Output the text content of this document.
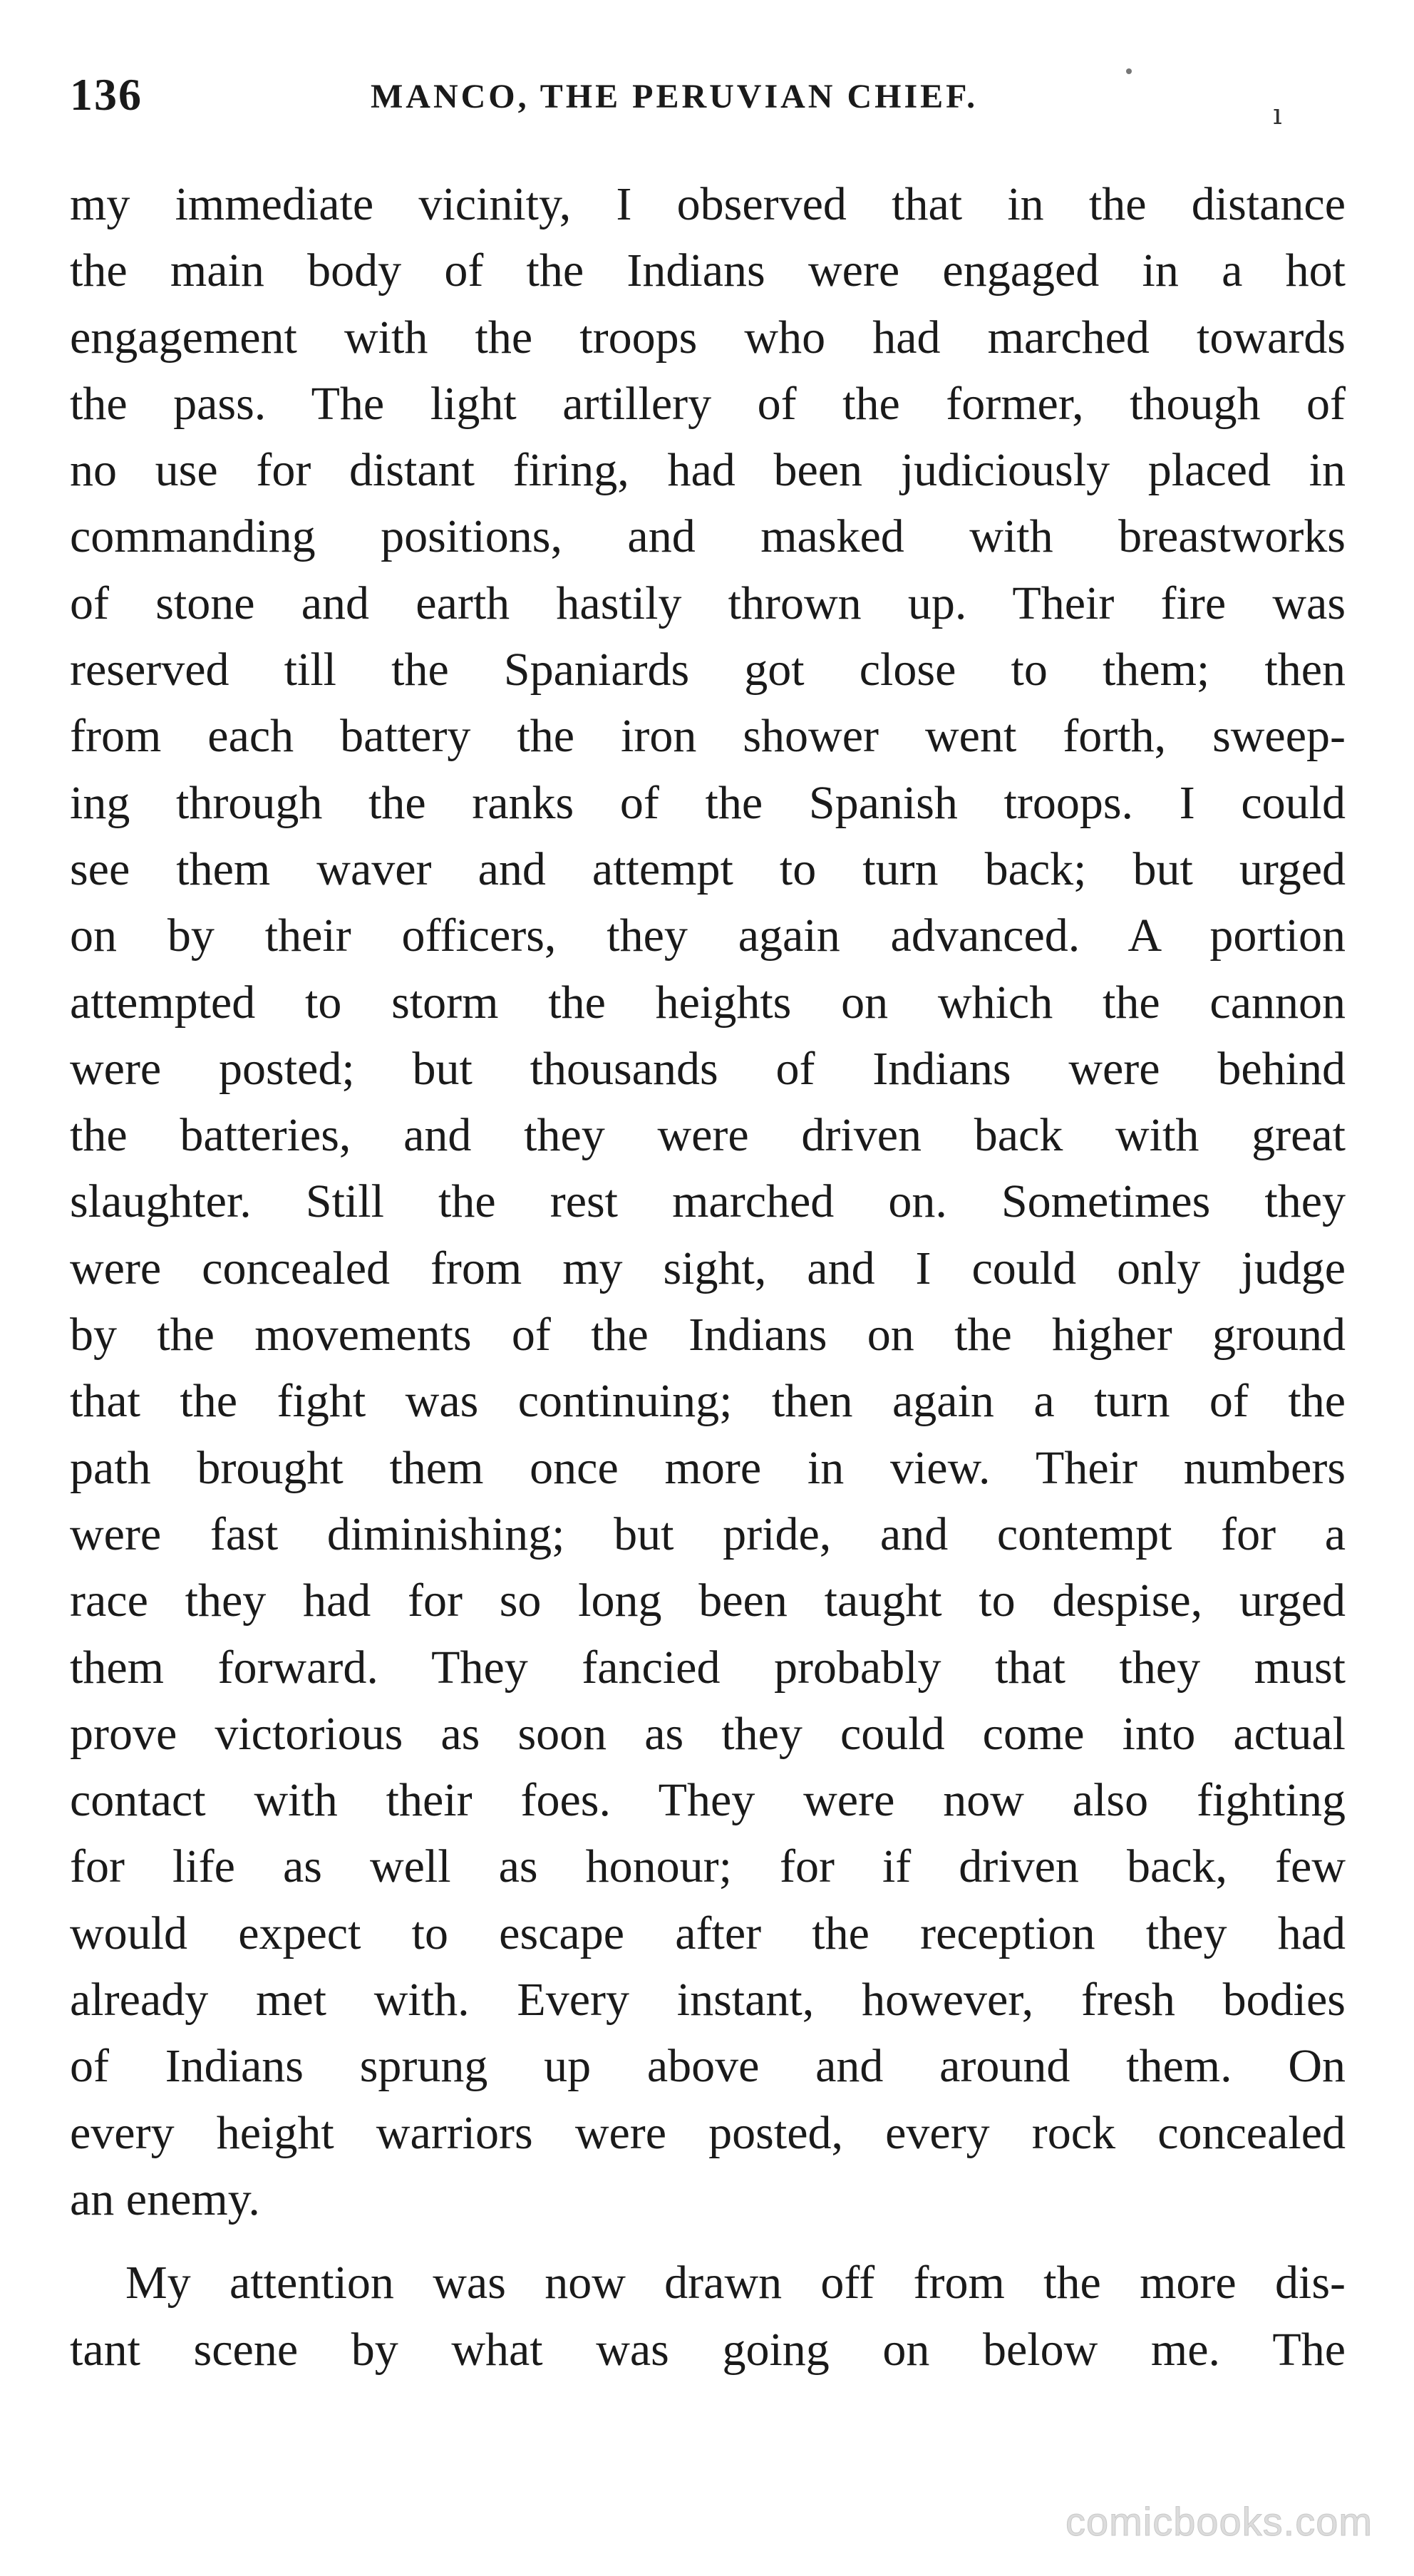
136	MANCO, THE PERUVIAN CHIEF.	ı
my immediate vicinity, I observed that in the distance
the main body of the Indians were engaged in a hot
engagement with the troops who had marched towards
the pass. The light artillery of the former, though of
no use for distant firing, had been judiciously placed in
commanding positions, and masked with breastworks
of stone and earth hastily thrown up. Their fire was
reserved till the Spaniards got close to them; then
from each battery the iron shower went forth, sweep-
ing through the ranks of the Spanish troops. I could
see them waver and attempt to turn back; but urged
on by their officers, they again advanced. A portion
attempted to storm the heights on which the cannon
were posted; but thousands of Indians were behind
the batteries, and they were driven back with great
slaughter. Still the rest marched on. Sometimes they
were concealed from my sight, and I could only judge
by the movements of the Indians on the higher ground
that the fight was continuing; then again a turn of the
path brought them once more in view. Their numbers
were fast diminishing; but pride, and contempt for a
race they had for so long been taught to despise, urged
them forward. They fancied probably that they must
prove victorious as soon as they could come into actual
contact with their foes. They were now also fighting
for life as well as honour; for if driven back, few
would expect to escape after the reception they had
already met with. Every instant, however, fresh bodies
of Indians sprung up above and around them. On
every height warriors were posted, every rock concealed
an enemy.
My attention was now drawn off from the more dis-
tant scene by what was going on below me. The
comicbooks.com
